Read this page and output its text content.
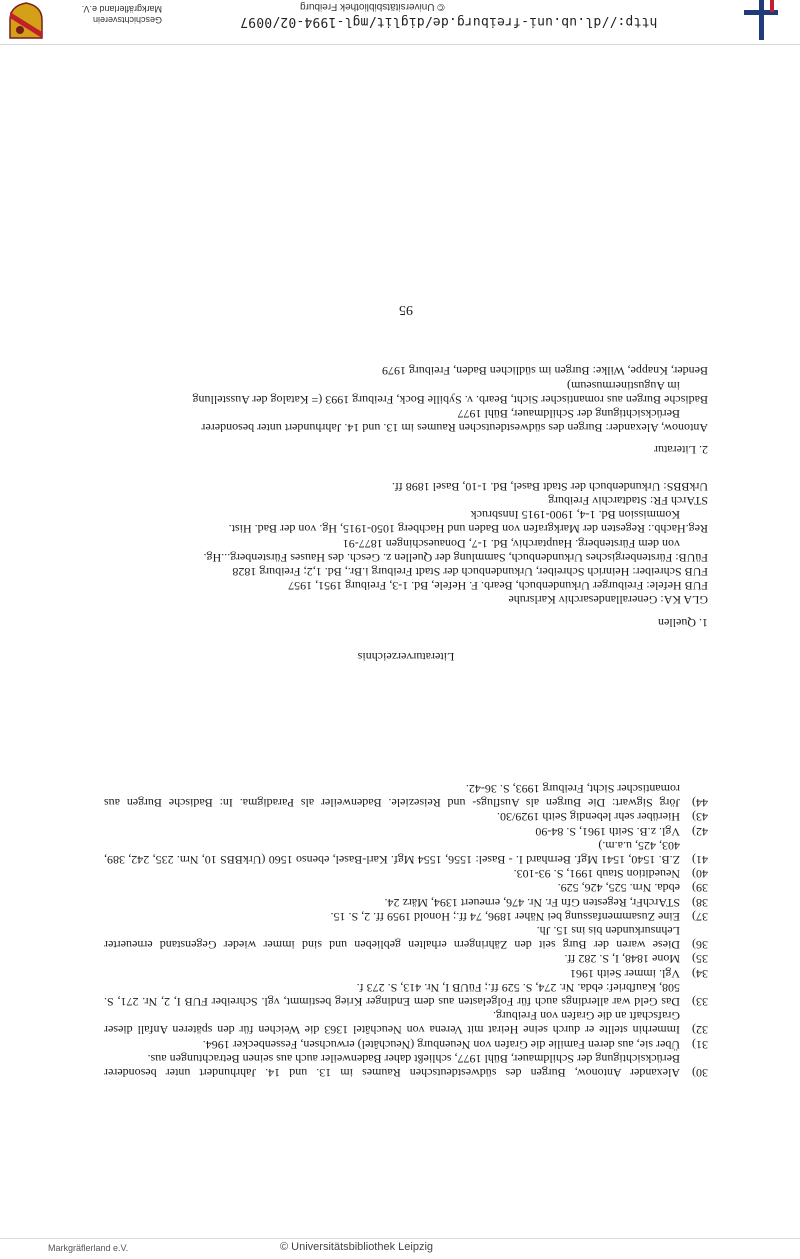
Geschichtsverein
Markgräflerland e.V.	© Universitätsbibliothek Freiburg
http://dl.ub.uni-freiburg.de/diglit/mgl-1994-02/0097
30)
Alexander Antonow, Burgen des südwestdeutschen Raumes im 13. und 14. Jahrhundert unter besonderer Berücksichtigung der Schildmauer, Bühl 1977, schließt daher Badenweiler auch aus seinen Betrachtungen aus.
31)
Über sie, aus deren Familie die Grafen von Neuenburg (Neuchâtel) erwuchsen, Fessenbecker 1964.
32)
Immerhin stellte er durch seine Heirat mit Verena von Neuchâtel 1363 die Weichen für den späteren Anfall dieser Grafschaft an die Grafen von Freiburg.
33)
Das Geld war allerdings auch für Folgelasten aus dem Endinger Krieg bestimmt, vgl. Schreiber FUB I, 2, Nr. 271, S. 508, Kaufbrief: ebda. Nr. 274, S. 529 ff.; FüUB I, Nr. 413, S. 273 f.
34)
Vgl. immer Seith 1961
35)
Mone 1848, I, S. 282 ff.
36)
Diese waren der Burg seit den Zähringern erhalten geblieben und sind immer wieder Gegenstand erneuerter Lehnsurkunden bis ins 15. Jh.
37)
Eine Zusammenfassung bei Näher 1896, 74 ff.; Honold 1959 ff. 2, S. 15.
38)
STArchFr, Regesten Gfn Fr. Nr. 476, erneuert 1394, März 24.
39)
ebda. Nrn. 525, 426, 529.
40)
Neuedition Staub 1991, S. 93-103.
41)
Z.B. 1540, 1541 Mgf. Bernhard I. - Basel: 1556, 1554 Mgf. Karl-Basel, ebenso 1560 (UrkBBS 10, Nrn. 235, 242, 389, 403, 425, u.a.m.)
42)
Vgl. z.B. Seith 1961, S. 84-90
43)
Hierüber sehr lebendig Seith 1929/30.
44)
Jörg Sigwart: Die Burgen als Ausflugs- und Reiseziele. Badenweiler als Paradigma. In: Badische Burgen aus romantischer Sicht, Freiburg 1993, S. 36-42.
Literaturverzeichnis
1. Quellen
GLA KA: Generallandesarchiv Karlsruhe
FUB Hefele: Freiburger Urkundenbuch, Bearb. F. Hefele, Bd. 1-3, Freiburg 1951, 1957
FUB Schreiber: Heinrich Schreiber, Urkundenbuch der Stadt Freiburg i.Br., Bd. 1,2; Freiburg 1828
FüUB: Fürstenbergisches Urkundenbuch, Sammlung der Quellen z. Gesch. des Hauses Fürstenberg...Hg.
von dem Fürstenberg. Hauptarchiv, Bd. 1-7, Donaueschingen 1877-91
Reg.Hachb.: Regesten der Markgrafen von Baden und Hachberg 1050-1915, Hg. von der Bad. Hist.
Kommission Bd. 1-4, 1900-1915 Innsbruck
STArch FR: Stadtarchiv Freiburg
UrkBBS: Urkundenbuch der Stadt Basel, Bd. 1-10, Basel 1898 ff.
2. Literatur
Antonow, Alexander: Burgen des südwestdeutschen Raumes im 13. und 14. Jahrhundert unter besonderer
Berücksichtigung der Schildmauer, Bühl 1977
Badische Burgen aus romantischer Sicht, Bearb. v. Sybille Bock, Freiburg 1993 (= Katalog der Ausstellung
im Augustinermuseum)
Bender, Knappe, Wilke: Burgen im südlichen Baden, Freiburg 1979
95
Markgräflerland e.V.	© Universitätsbibliothek Leipzig
